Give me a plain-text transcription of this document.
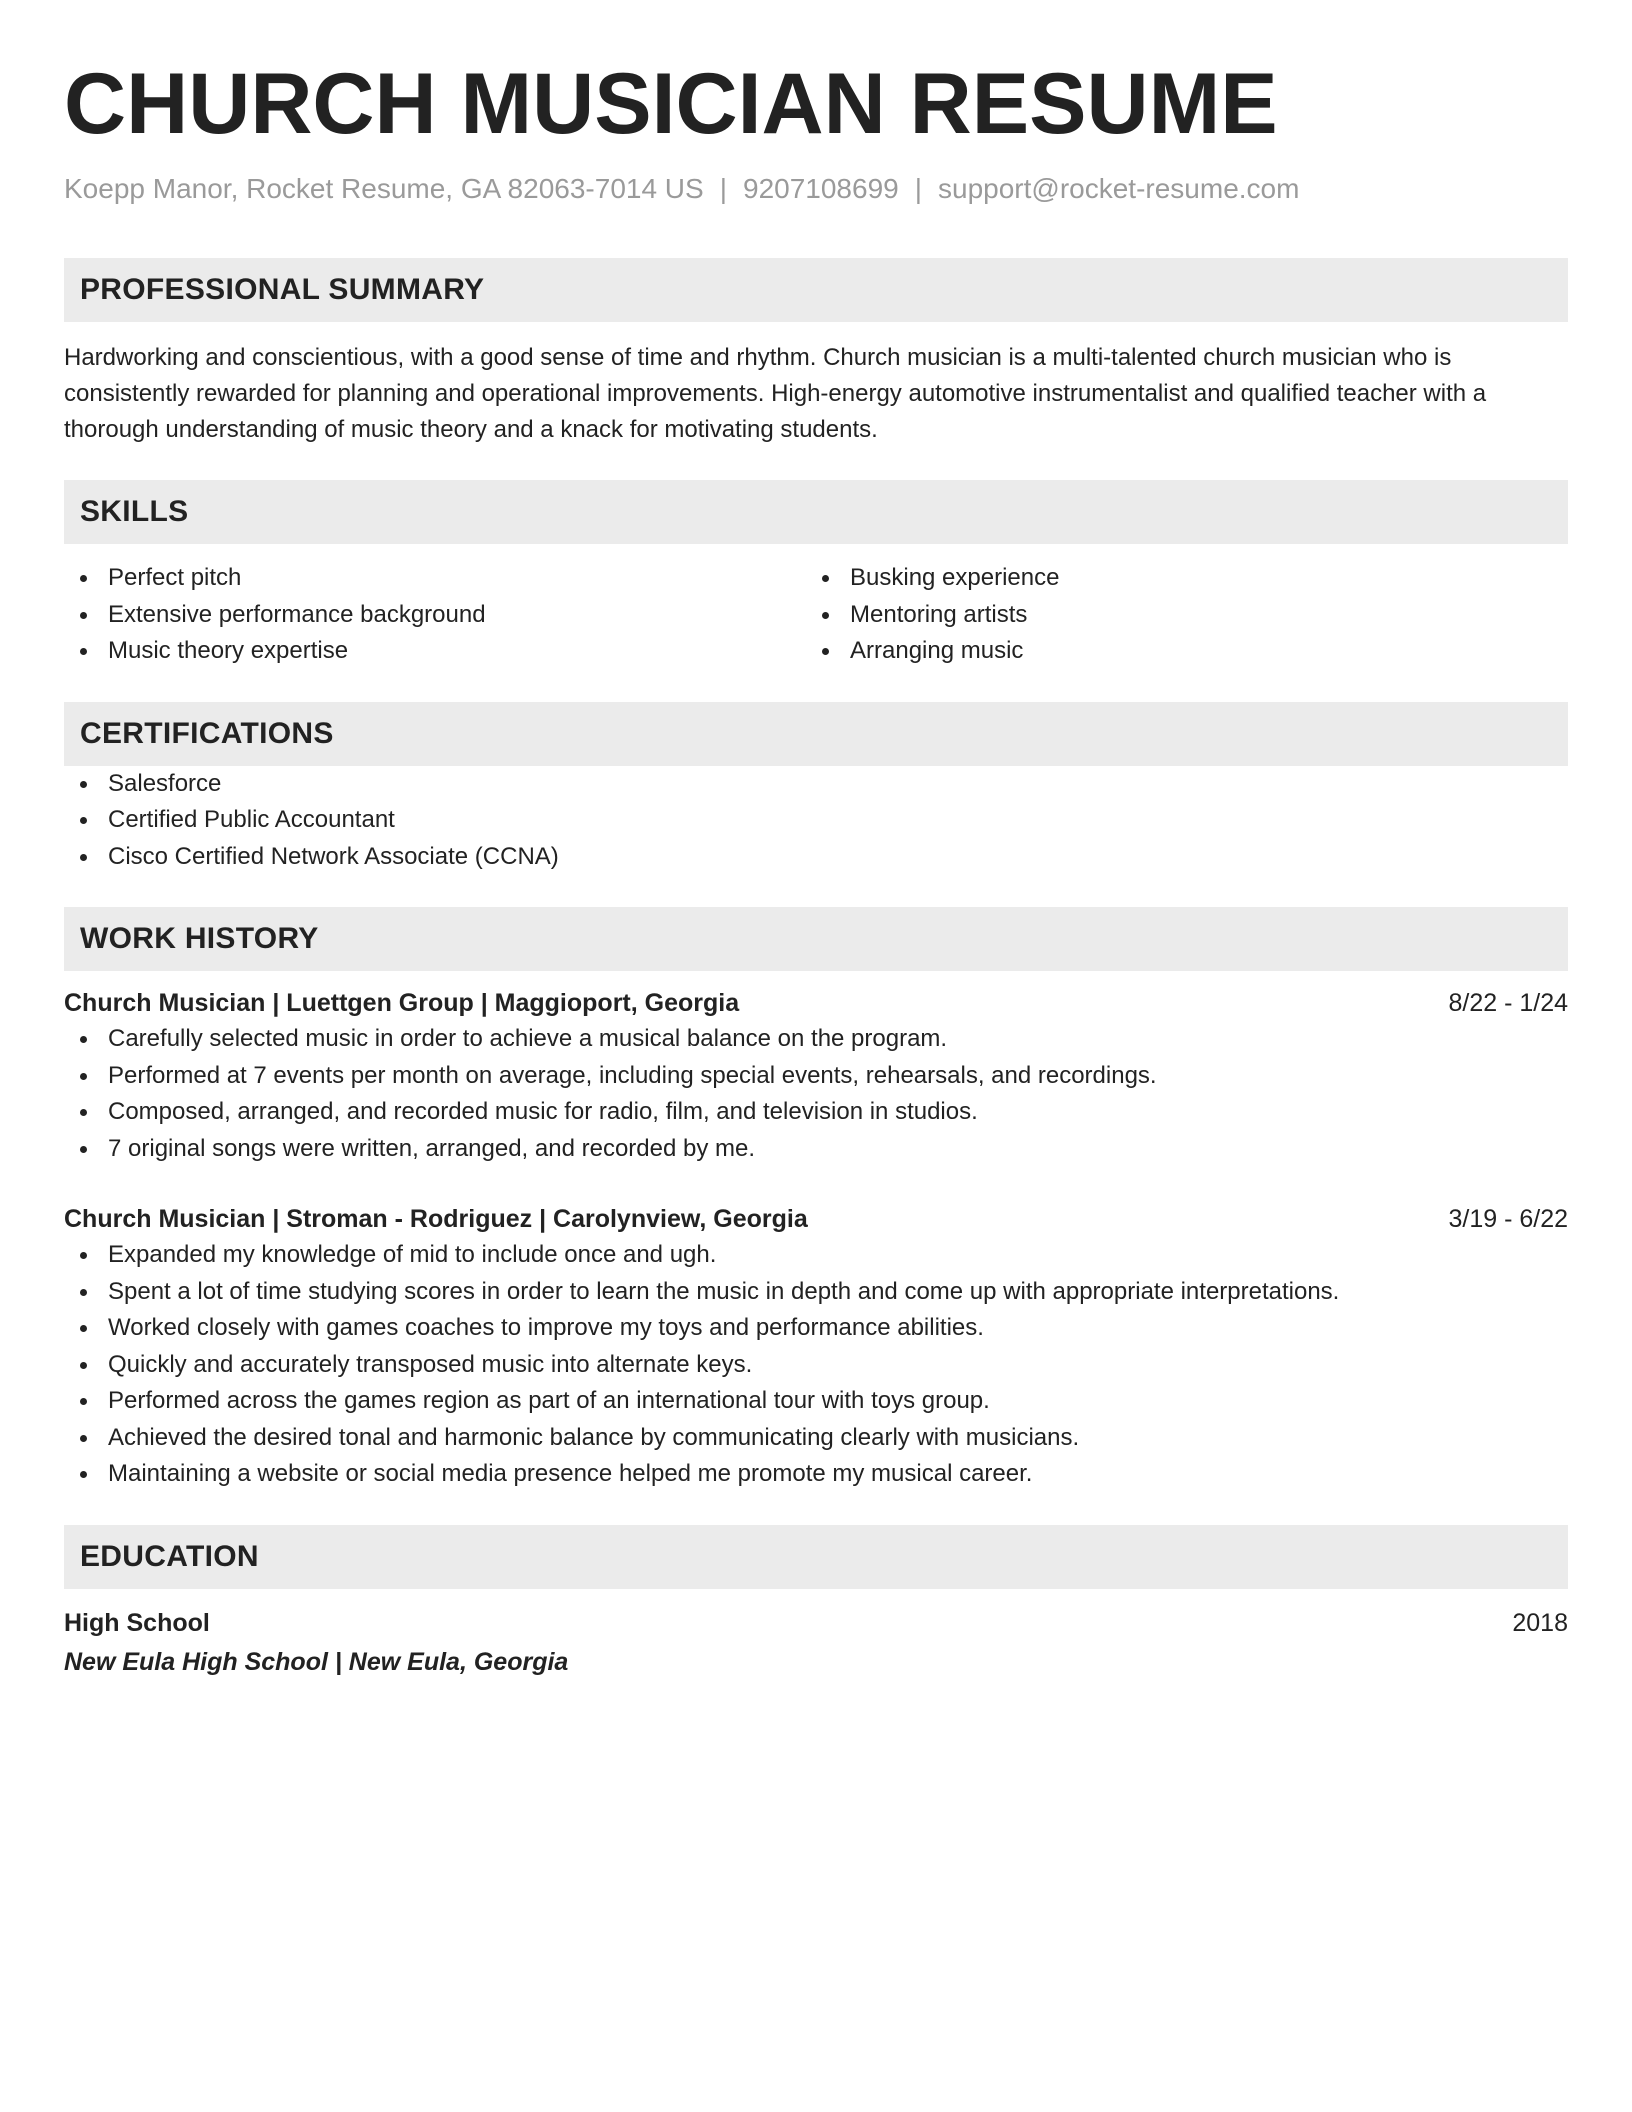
CHURCH MUSICIAN RESUME
Koepp Manor, Rocket Resume, GA 82063-7014 US | 9207108699 | support@rocket-resume.com
PROFESSIONAL SUMMARY
Hardworking and conscientious, with a good sense of time and rhythm. Church musician is a multi-talented church musician who is consistently rewarded for planning and operational improvements. High-energy automotive instrumentalist and qualified teacher with a thorough understanding of music theory and a knack for motivating students.
SKILLS
Perfect pitch
Extensive performance background
Music theory expertise
Busking experience
Mentoring artists
Arranging music
CERTIFICATIONS
Salesforce
Certified Public Accountant
Cisco Certified Network Associate (CCNA)
WORK HISTORY
Church Musician | Luettgen Group | Maggioport, Georgia	8/22 - 1/24
Carefully selected music in order to achieve a musical balance on the program.
Performed at 7 events per month on average, including special events, rehearsals, and recordings.
Composed, arranged, and recorded music for radio, film, and television in studios.
7 original songs were written, arranged, and recorded by me.
Church Musician | Stroman - Rodriguez | Carolynview, Georgia	3/19 - 6/22
Expanded my knowledge of mid to include once and ugh.
Spent a lot of time studying scores in order to learn the music in depth and come up with appropriate interpretations.
Worked closely with games coaches to improve my toys and performance abilities.
Quickly and accurately transposed music into alternate keys.
Performed across the games region as part of an international tour with toys group.
Achieved the desired tonal and harmonic balance by communicating clearly with musicians.
Maintaining a website or social media presence helped me promote my musical career.
EDUCATION
High School	2018
New Eula High School | New Eula, Georgia
